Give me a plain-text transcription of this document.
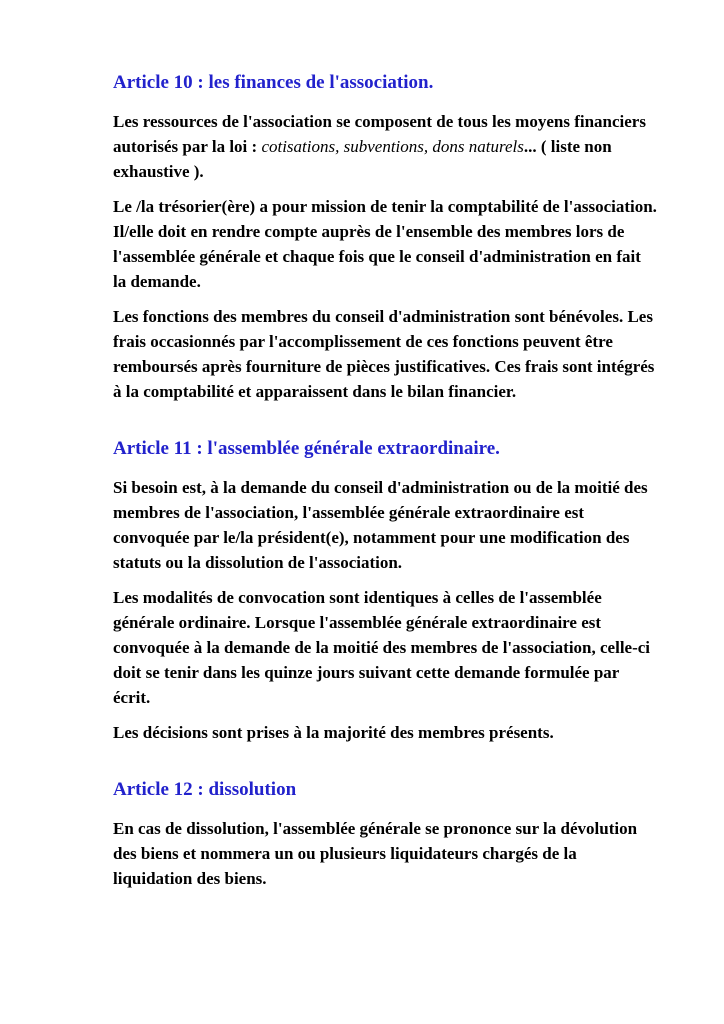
Article 10 : les finances de l'association.

Les ressources de l'association se composent de tous les moyens financiers autorisés par la loi : cotisations, subventions, dons naturels... ( liste non exhaustive ).

Le /la trésorier(ère) a pour mission de tenir la comptabilité de l'association. Il/elle doit en rendre compte auprès de l'ensemble des membres lors de l'assemblée générale et chaque fois que le conseil d'administration en fait la demande.

Les fonctions des membres du conseil d'administration sont bénévoles. Les frais occasionnés par l'accomplissement de ces fonctions peuvent être remboursés après fourniture de pièces justificatives. Ces frais sont intégrés à la comptabilité et apparaissent dans le bilan financier.

Article 11 : l'assemblée générale extraordinaire.

Si besoin est, à la demande du conseil d'administration ou de la moitié des membres de l'association, l'assemblée générale extraordinaire est convoquée par le/la président(e), notamment pour une modification des statuts ou la dissolution de l'association.

Les modalités de convocation sont identiques à celles de l'assemblée générale ordinaire. Lorsque l'assemblée générale extraordinaire est convoquée à la demande de la moitié des membres de l'association, celle-ci doit se tenir dans les quinze jours suivant cette demande formulée par écrit.

Les décisions sont prises à la majorité des membres présents.

Article 12 : dissolution

En cas de dissolution, l'assemblée générale se prononce sur la dévolution des biens et nommera un ou plusieurs liquidateurs chargés de la liquidation des biens.
